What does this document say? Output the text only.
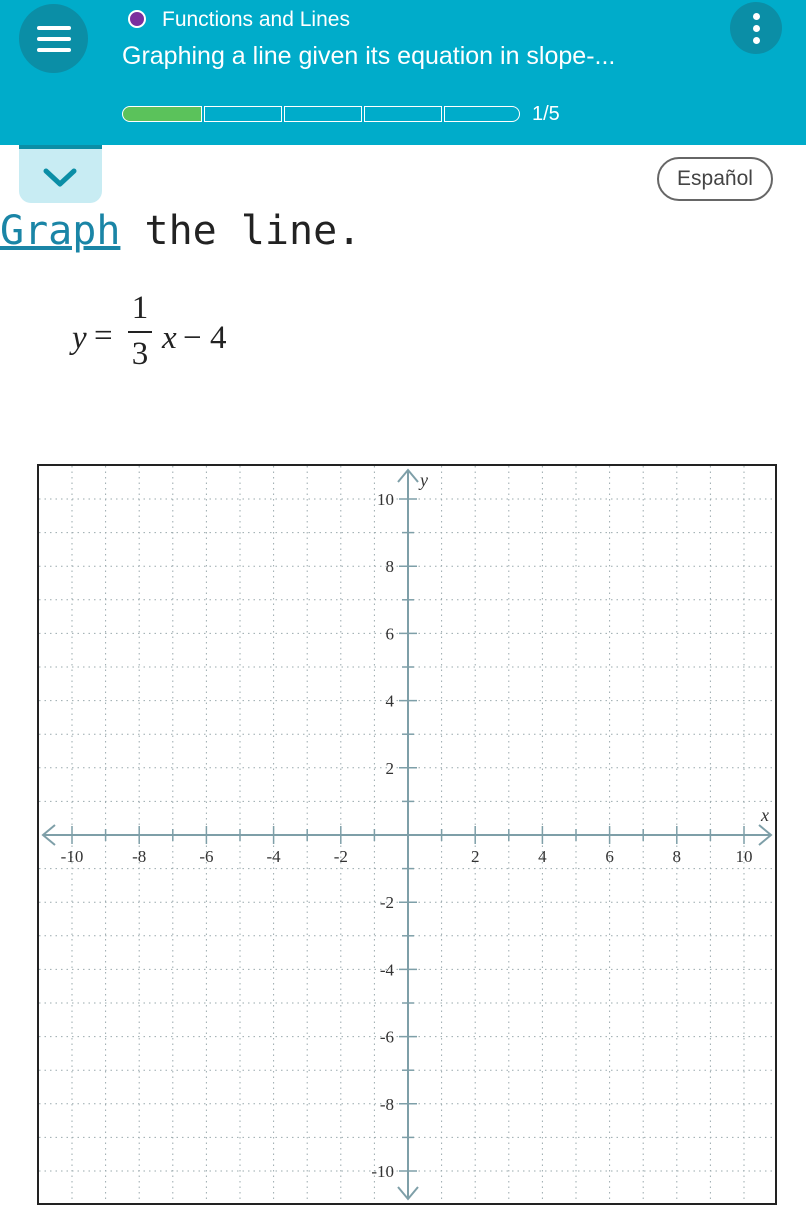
Functions and Lines
Graphing a line given its equation in slope-...
1/5
Español
Graph the line.
y =
1
3 x − 4
-10	-8	-6	-4	-2	2	4	6	8	10
10
8
6
4
2
-2
-4
-6
-8
-10
x
y
